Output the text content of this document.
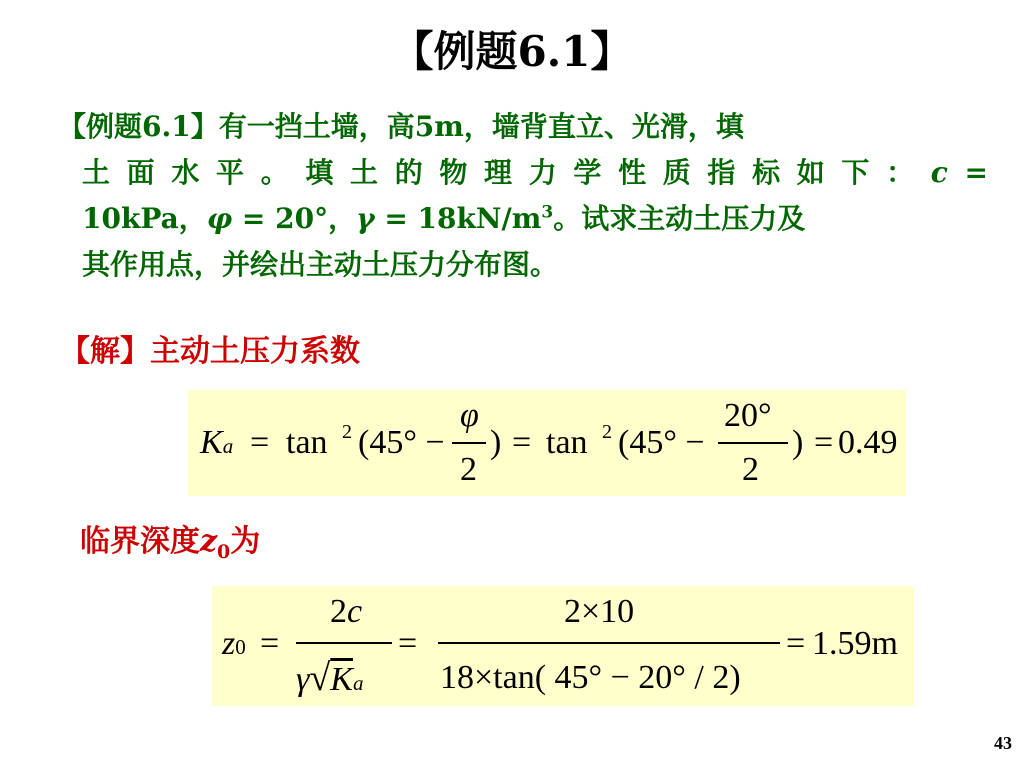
【例题6.1】
【例题6.1】有一挡土墙，高5m，墙背直立、光滑，填
土 面 水 平 。 填 土 的 物 理 力 学 性 质 指 标 如 下 ： c =
10kPa，φ = 20°，$\gamma = 18kN/m^3$。试求主动土压力及
其作用点，并绘出主动土压力分布图。
【解】主动土压力系数
Ka = tan 2 (45° −
φ
2
) = tan 2 (45° −
20°
2
) = 0.49
临界深度$z_0$为
z0 =
2c
γ√Ka
=
2×10
18×tan( 45° − 20° / 2)
= 1.59m
43
